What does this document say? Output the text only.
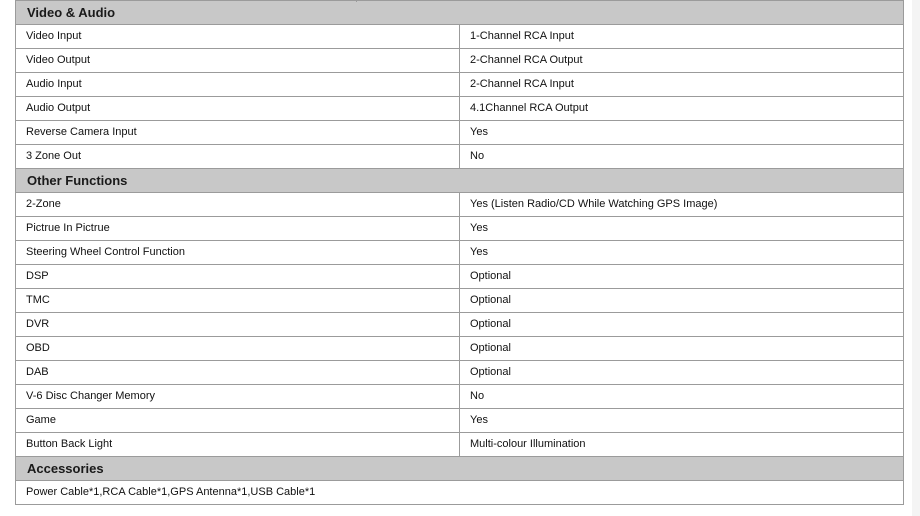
Video & Audio	
Video Input	1-Channel RCA Input
Video Output	2-Channel RCA Output
Audio Input	2-Channel RCA Input
Audio Output	4.1Channel RCA Output
Reverse Camera Input	Yes
3 Zone Out	No
Other Functions	
2-Zone	Yes (Listen Radio/CD While Watching GPS Image)
Pictrue In Pictrue	Yes
Steering Wheel Control Function	Yes
DSP	Optional
TMC	Optional
DVR	Optional
OBD	Optional
DAB	Optional
V-6 Disc Changer Memory	No
Game	Yes
Button Back Light	Multi-colour Illumination
Accessories	
Power Cable*1,RCA Cable*1,GPS Antenna*1,USB Cable*1	
